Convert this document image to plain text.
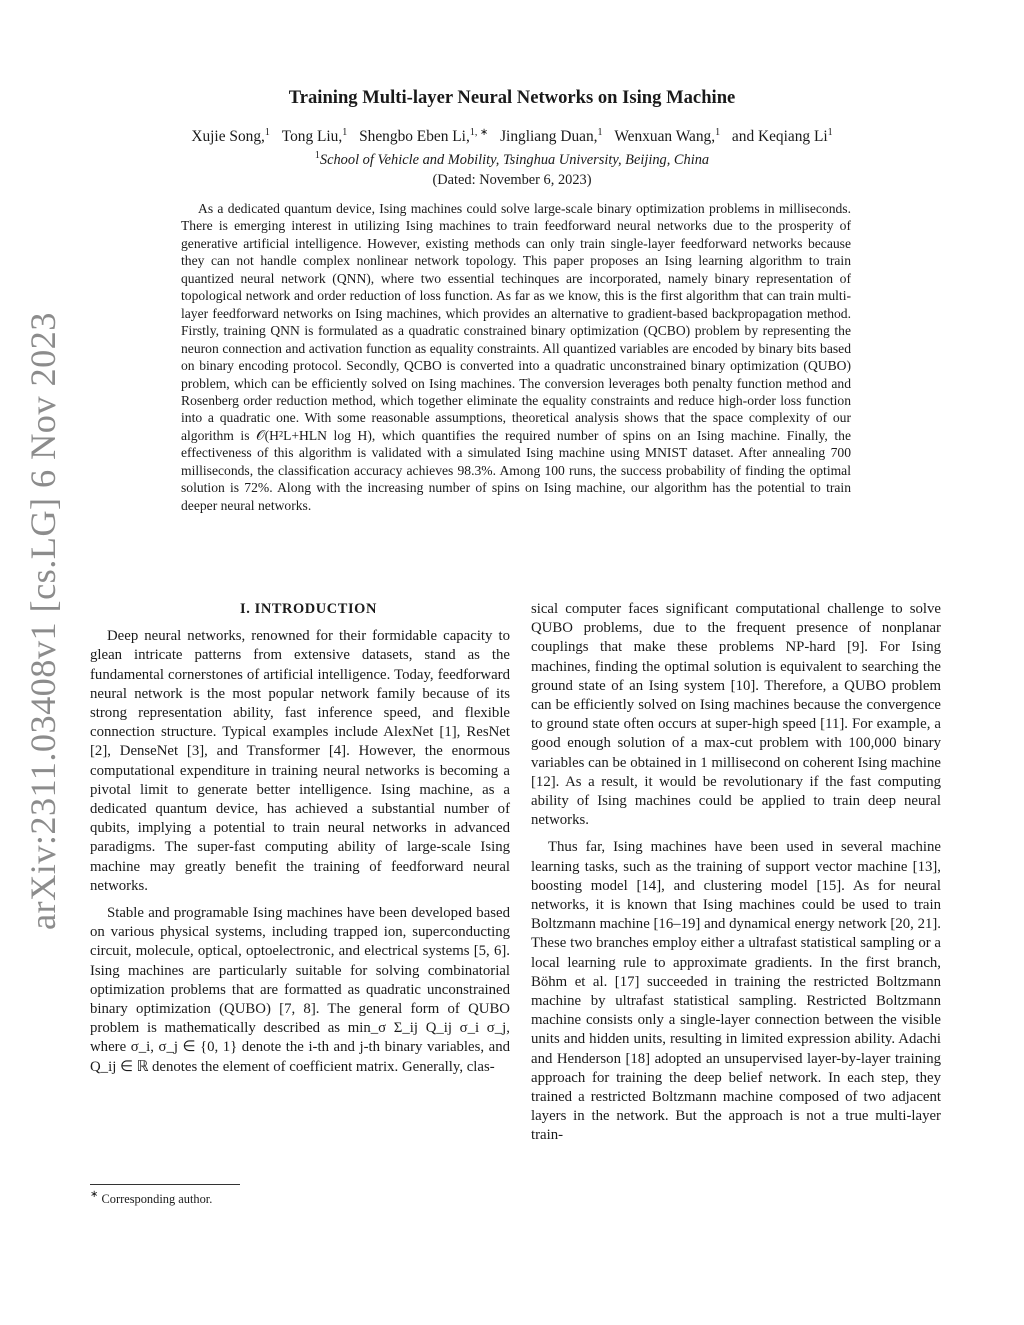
arXiv:2311.03408v1 [cs.LG] 6 Nov 2023
Training Multi-layer Neural Networks on Ising Machine
Xujie Song,$^1$ Tong Liu,$^1$ Shengbo Eben Li,$^{1, ∗}$ Jingliang Duan,$^1$ Wenxuan Wang,$^1$ and Keqiang Li$^1$
$^1$School of Vehicle and Mobility, Tsinghua University, Beijing, China
(Dated: November 6, 2023)
As a dedicated quantum device, Ising machines could solve large-scale binary optimization problems in milliseconds. There is emerging interest in utilizing Ising machines to train feedforward neural networks due to the prosperity of generative artificial intelligence. However, existing methods can only train single-layer feedforward networks because they can not handle complex nonlinear network topology. This paper proposes an Ising learning algorithm to train quantized neural network (QNN), where two essential techinques are incorporated, namely binary representation of topological network and order reduction of loss function. As far as we know, this is the first algorithm that can train multi-layer feedforward networks on Ising machines, which provides an alternative to gradient-based backpropagation method. Firstly, training QNN is formulated as a quadratic constrained binary optimization (QCBO) problem by representing the neuron connection and activation function as equality constraints. All quantized variables are encoded by binary bits based on binary encoding protocol. Secondly, QCBO is converted into a quadratic unconstrained binary optimization (QUBO) problem, which can be efficiently solved on Ising machines. The conversion leverages both penalty function method and Rosenberg order reduction method, which together eliminate the equality constraints and reduce high-order loss function into a quadratic one. With some reasonable assumptions, theoretical analysis shows that the space complexity of our algorithm is 𝒪(H²L+HLN log H), which quantifies the required number of spins on an Ising machine. Finally, the effectiveness of this algorithm is validated with a simulated Ising machine using MNIST dataset. After annealing 700 milliseconds, the classification accuracy achieves 98.3%. Among 100 runs, the success probability of finding the optimal solution is 72%. Along with the increasing number of spins on Ising machine, our algorithm has the potential to train deeper neural networks.

I. INTRODUCTION

Deep neural networks, renowned for their formidable capacity to glean intricate patterns from extensive datasets, stand as the fundamental cornerstones of artificial intelligence. Today, feedforward neural network is the most popular network family because of its strong representation ability, fast inference speed, and flexible connection structure. Typical examples include AlexNet [1], ResNet [2], DenseNet [3], and Transformer [4]. However, the enormous computational expenditure in training neural networks is becoming a pivotal limit to generate better intelligence. Ising machine, as a dedicated quantum device, has achieved a substantial number of qubits, implying a potential to train neural networks in advanced paradigms. The super-fast computing ability of large-scale Ising machine may greatly benefit the training of feedforward neural networks.

Stable and programable Ising machines have been developed based on various physical systems, including trapped ion, superconducting circuit, molecule, optical, optoelectronic, and electrical systems [5, 6]. Ising machines are particularly suitable for solving combinatorial optimization problems that are formatted as quadratic unconstrained binary optimization (QUBO) [7, 8]. The general form of QUBO problem is mathematically described as min_σ Σ_ij Q_ij σ_i σ_j, where σ_i, σ_j ∈ {0, 1} denote the i-th and j-th binary variables, and Q_ij ∈ ℝ denotes the element of coefficient matrix. Generally, clas-

sical computer faces significant computational challenge to solve QUBO problems, due to the frequent presence of nonplanar couplings that make these problems NP-hard [9]. For Ising machines, finding the optimal solution is equivalent to searching the ground state of an Ising system [10]. Therefore, a QUBO problem can be efficiently solved on Ising machines because the convergence to ground state often occurs at super-high speed [11]. For example, a good enough solution of a max-cut problem with 100,000 binary variables can be obtained in 1 millisecond on coherent Ising machine [12]. As a result, it would be revolutionary if the fast computing ability of Ising machines could be applied to train deep neural networks.

Thus far, Ising machines have been used in several machine learning tasks, such as the training of support vector machine [13], boosting model [14], and clustering model [15]. As for neural networks, it is known that Ising machines could be used to train Boltzmann machine [16–19] and dynamical energy network [20, 21]. These two branches employ either a ultrafast statistical sampling or a local learning rule to approximate gradients. In the first branch, Böhm et al. [17] succeeded in training the restricted Boltzmann machine by ultrafast statistical sampling. Restricted Boltzmann machine consists only a single-layer connection between the visible units and hidden units, resulting in limited expression ability. Adachi and Henderson [18] adopted an unsupervised layer-by-layer training approach for training the deep belief network. In each step, they trained a restricted Boltzmann machine composed of two adjacent layers in the network. But the approach is not a true multi-layer train-

∗ Corresponding author.
